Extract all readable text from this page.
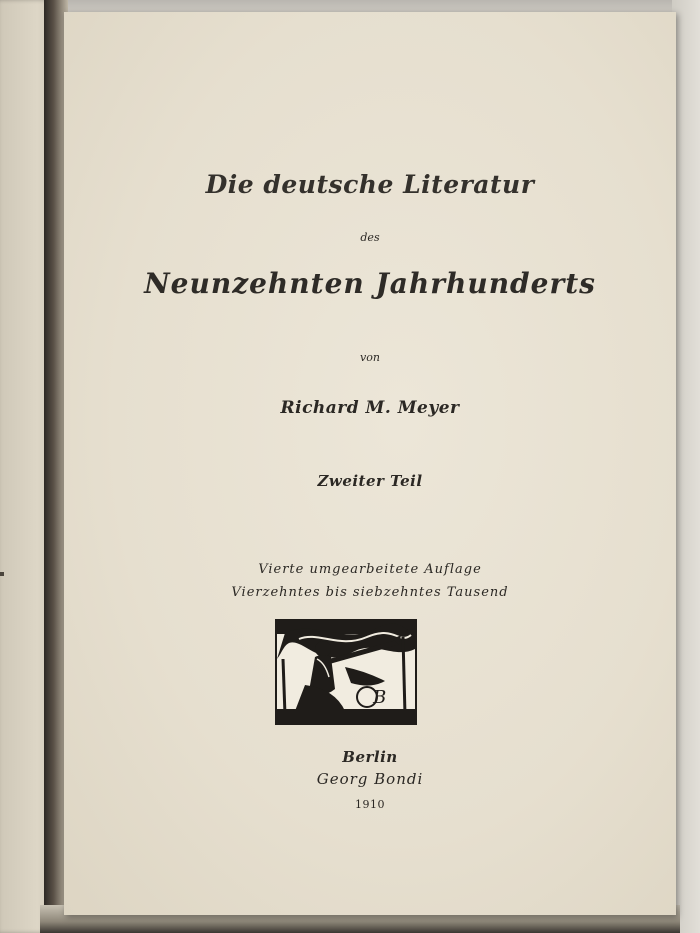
Die deutsche Literatur
des
Neunzehnten Jahrhunderts
von
Richard M. Meyer
Zweiter Teil
Vierte umgearbeitete Auflage
Vierzehntes bis siebzehntes Tausend
B
Berlin
Georg Bondi
1910
